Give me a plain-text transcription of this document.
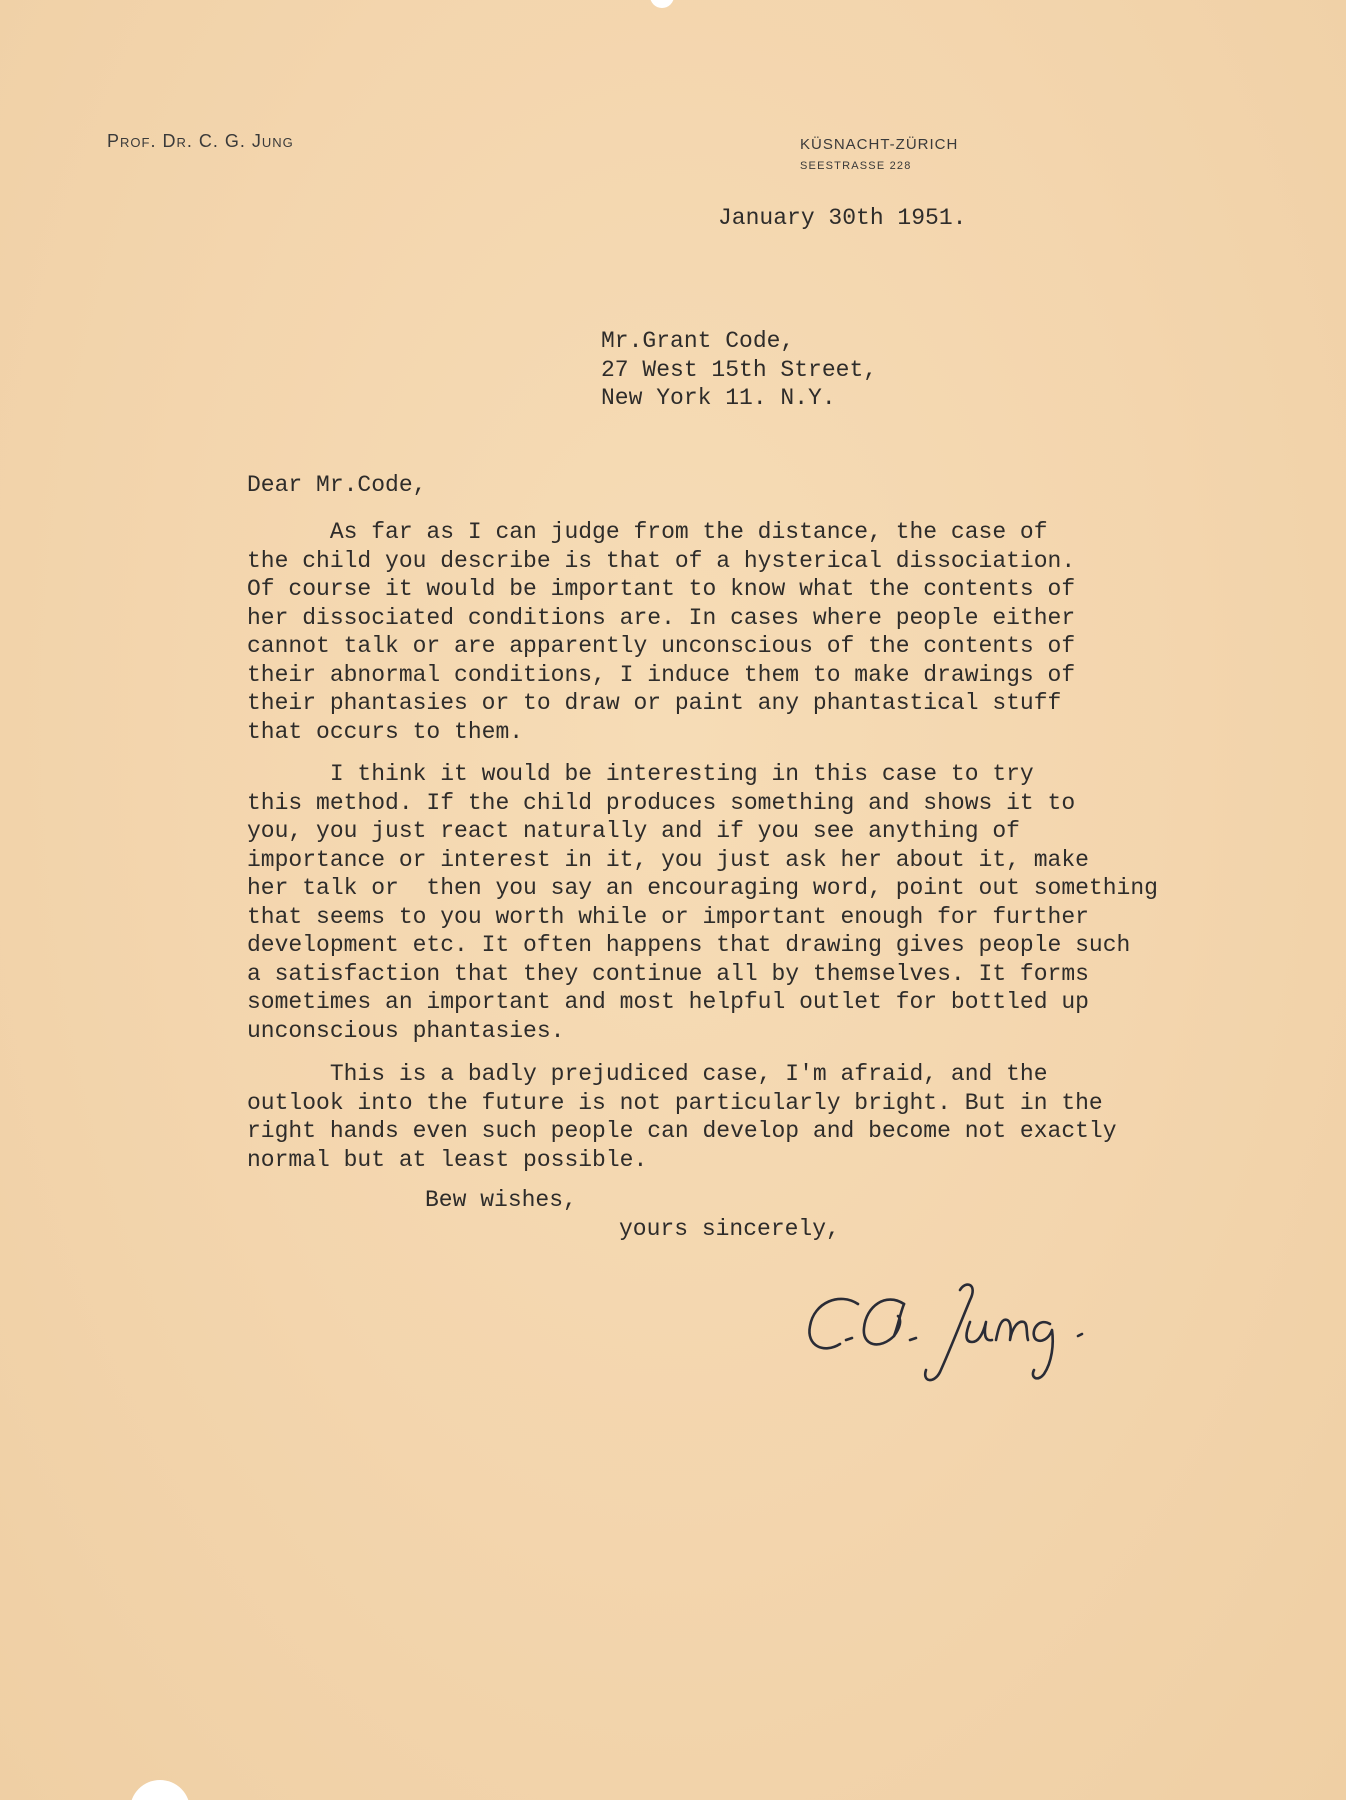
Prof. Dr. C. G. Jung	KÜSNACHT-ZÜRICH
SEESTRASSE 228
January 30th 1951.
Mr.Grant Code,
27 West 15th Street,
New York 11. N.Y.
Dear Mr.Code,
As far as I can judge from the distance, the case of
the child you describe is that of a hysterical dissociation.
Of course it would be important to know what the contents of
her dissociated conditions are. In cases where people either
cannot talk or are apparently unconscious of the contents of
their abnormal conditions, I induce them to make drawings of
their phantasies or to draw or paint any phantastical stuff
that occurs to them.
I think it would be interesting in this case to try
this method. If the child produces something and shows it to
you, you just react naturally and if you see anything of
importance or interest in it, you just ask her about it, make
her talk or  then you say an encouraging word, point out something
that seems to you worth while or important enough for further
development etc. It often happens that drawing gives people such
a satisfaction that they continue all by themselves. It forms
sometimes an important and most helpful outlet for bottled up
unconscious phantasies.
This is a badly prejudiced case, I'm afraid, and the
outlook into the future is not particularly bright. But in the
right hands even such people can develop and become not exactly
normal but at least possible.
Bew wishes,
yours sincerely,
